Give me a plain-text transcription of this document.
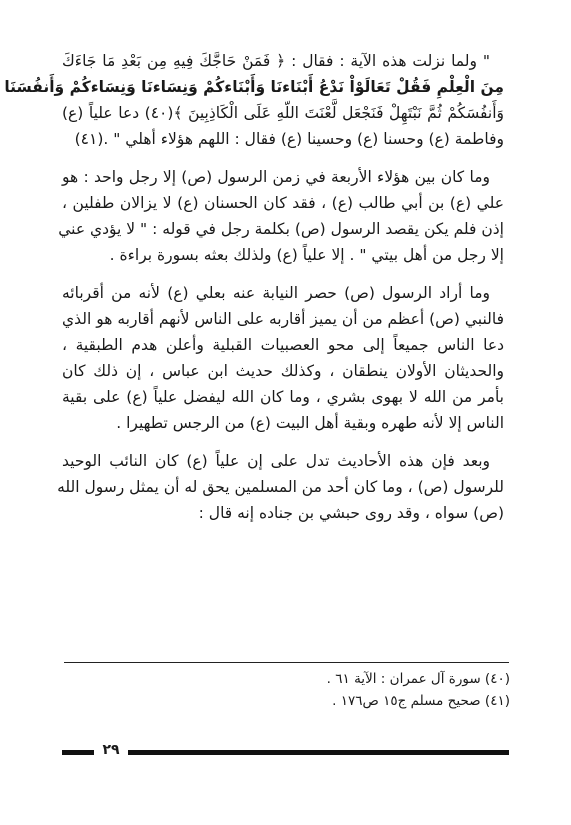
" ولما نزلت هذه الآية : فقال : ﴿ فَمَنْ حَاجَّكَ فِيهِ مِن بَعْدِ مَا جَاءَكَ
مِنَ الْعِلْمِ فَقُلْ تَعَالَوْاْ نَدْعُ أَبْنَاءنَا وَأَبْنَاءكُمْ وَنِسَاءنَا وَنِسَاءكُمْ وَأَنفُسَنَا
وَأَنفُسَكُمْ ثُمَّ نَبْتَهِلْ فَنَجْعَل لَّعْنَتَ اللّهِ عَلَى الْكَاذِبِينَ ﴾(٤٠) دعا علياً (ع)
وفاطمة (ع) وحسنا (ع) وحسينا (ع) فقال : اللهم هؤلاء أهلي " .(٤١)

وما كان بين هؤلاء الأربعة في زمن الرسول (ص) إلا رجل واحد : هو
علي (ع) بن أبي طالب (ع) ، فقد كان الحسنان (ع) لا يزالان طفلين ،
إذن فلم يكن يقصد الرسول (ص) بكلمة رجل في قوله : " لا يؤدي عني
إلا رجل من أهل بيتي " . إلا علياً (ع) ولذلك بعثه بسورة براءة .

وما أراد الرسول (ص) حصر النيابة عنه بعلي (ع) لأنه من أقربائه
فالنبي (ص) أعظم من أن يميز أقاربه على الناس لأنهم أقاربه هو الذي
دعا الناس جميعاً إلى محو العصبيات القبلية وأعلن هدم الطبقية ،
والحديثان الأولان ينطقان ، وكذلك حديث ابن عباس ، إن ذلك كان
بأمر من الله لا بهوى بشري ، وما كان الله ليفضل علياً (ع) على بقية
الناس إلا لأنه طهره وبقية أهل البيت (ع) من الرجس تطهيرا .

وبعد فإن هذه الأحاديث تدل على إن علياً (ع) كان النائب الوحيد
للرسول (ص) ، وما كان أحد من المسلمين يحق له أن يمثل رسول الله
(ص) سواه ، وقد روى حبشي بن جناده إنه قال :

(٤٠) سورة آل عمران : الآية ٦١ .
(٤١) صحيح مسلم ج١٥ ص١٧٦ .
٢٩
